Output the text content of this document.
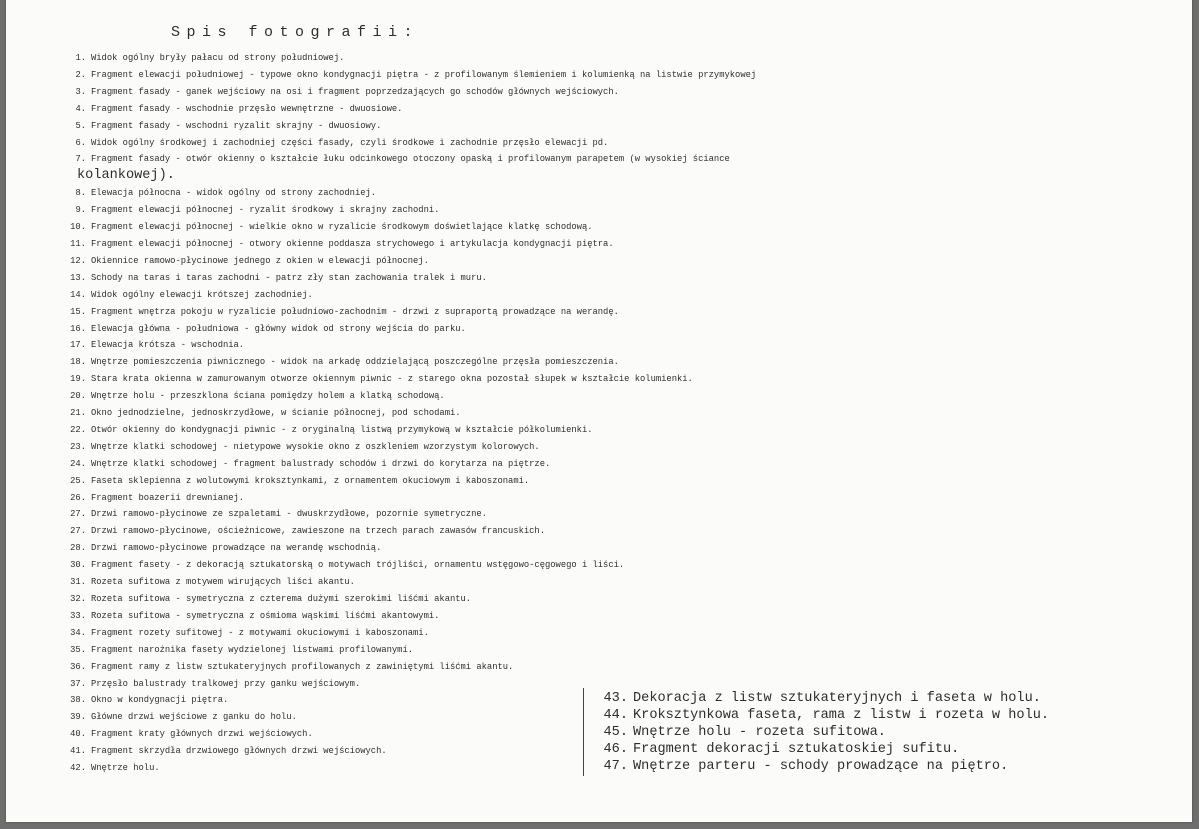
Spis fotografii:
1. Widok ogólny bryły pałacu od strony południowej.
2. Fragment elewacji południowej - typowe okno kondygnacji piętra - z profilowanym ślemieniem i kolumienką na listwie przymykowej
3. Fragment fasady - ganek wejściowy na osi i fragment poprzedzających go schodów głównych wejściowych.
4. Fragment fasady - wschodnie przęsło wewnętrzne - dwuosiowe.
5. Fragment fasady - wschodni ryzalit skrajny - dwuosiowy.
6. Widok ogólny środkowej i zachodniej części fasady, czyli środkowe i zachodnie przęsło elewacji pd.
7. Fragment fasady - otwór okienny o kształcie łuku odcinkowego otoczony opaską i profilowanym parapetem (w wysokiej ściance
kolankowej).
8. Elewacja północna - widok ogólny od strony zachodniej.
9. Fragment elewacji północnej - ryzalit środkowy i skrajny zachodni.
10. Fragment elewacji północnej - wielkie okno w ryzalicie środkowym doświetlające klatkę schodową.
11. Fragment elewacji północnej - otwory okienne poddasza strychowego i artykulacja kondygnacji piętra.
12. Okiennice ramowo-płycinowe jednego z okien w elewacji północnej.
13. Schody na taras i taras zachodni - patrz zły stan zachowania tralek i muru.
14. Widok ogólny elewacji krótszej zachodniej.
15. Fragment wnętrza pokoju w ryzalicie południowo-zachodnim - drzwi z supraportą prowadzące na werandę.
16. Elewacja główna - południowa - główny widok od strony wejścia do parku.
17. Elewacja krótsza - wschodnia.
18. Wnętrze pomieszczenia piwnicznego - widok na arkadę oddzielającą poszczególne przęsła pomieszczenia.
19. Stara krata okienna w zamurowanym otworze okiennym piwnic - z starego okna pozostał słupek w kształcie kolumienki.
20. Wnętrze holu - przeszklona ściana pomiędzy holem a klatką schodową.
21. Okno jednodzielne, jednoskrzydłowe, w ścianie północnej, pod schodami.
22. Otwór okienny do kondygnacji piwnic - z oryginalną listwą przymykową w kształcie półkolumienki.
23. Wnętrze klatki schodowej - nietypowe wysokie okno z oszkleniem wzorzystym kolorowych.
24. Wnętrze klatki schodowej - fragment balustrady schodów i drzwi do korytarza na piętrze.
25. Faseta sklepienna z wolutowymi kroksztynkami, z ornamentem okuciowym i kaboszonami.
26. Fragment boazerii drewnianej.
27. Drzwi ramowo-płycinowe ze szpaletami - dwuskrzydłowe, pozornie symetryczne.
27. Drzwi ramowo-płycinowe, ościeżnicowe, zawieszone na trzech parach zawasów francuskich.
28. Drzwi ramowo-płycinowe prowadzące na werandę wschodnią.
30. Fragment fasety - z dekoracją sztukatorską o motywach trójliści, ornamentu wstęgowo-cęgowego i liści.
31. Rozeta sufitowa z motywem wirujących liści akantu.
32. Rozeta sufitowa - symetryczna z czterema dużymi szerokimi liśćmi akantu.
33. Rozeta sufitowa - symetryczna z ośmioma wąskimi liśćmi akantowymi.
34. Fragment rozety sufitowej - z motywami okuciowymi i kaboszonami.
35. Fragment narożnika fasety wydzielonej listwami profilowanymi.
36. Fragment ramy z listw sztukateryjnych profilowanych z zawiniętymi liśćmi akantu.
37. Przęsło balustrady tralkowej przy ganku wejściowym.
38. Okno w kondygnacji piętra.
39. Główne drzwi wejściowe z ganku do holu.
40. Fragment kraty głównych drzwi wejściowych.
41. Fragment skrzydła drzwiowego głównych drzwi wejściowych.
42. Wnętrze holu.
43. Dekoracja z listw sztukateryjnych i faseta w holu.
44. Kroksztynkowa faseta, rama z listw i rozeta w holu.
45. Wnętrze holu - rozeta sufitowa.
46. Fragment dekoracji sztukatoskiej sufitu.
47. Wnętrze parteru - schody prowadzące na piętro.
